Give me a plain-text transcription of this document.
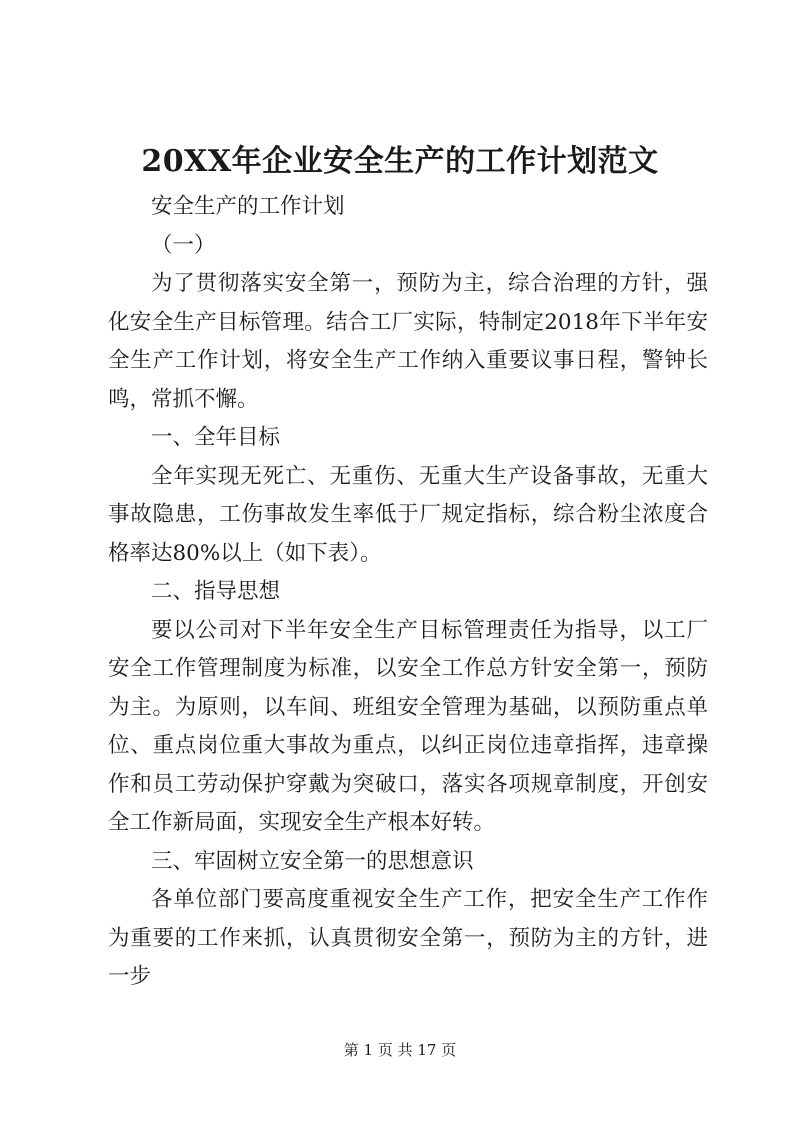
20XX年企业安全生产的工作计划范文

安全生产的工作计划

（一）

为了贯彻落实安全第一，预防为主，综合治理的方针，强化安全生产目标管理。结合工厂实际，特制定2018年下半年安全生产工作计划，将安全生产工作纳入重要议事日程，警钟长鸣，常抓不懈。

一、全年目标

全年实现无死亡、无重伤、无重大生产设备事故，无重大事故隐患，工伤事故发生率低于厂规定指标，综合粉尘浓度合格率达80%以上（如下表）。

二、指导思想

要以公司对下半年安全生产目标管理责任为指导，以工厂安全工作管理制度为标准，以安全工作总方针安全第一，预防为主。为原则，以车间、班组安全管理为基础，以预防重点单位、重点岗位重大事故为重点，以纠正岗位违章指挥，违章操作和员工劳动保护穿戴为突破口，落实各项规章制度，开创安全工作新局面，实现安全生产根本好转。

三、牢固树立安全第一的思想意识

各单位部门要高度重视安全生产工作，把安全生产工作作为重要的工作来抓，认真贯彻安全第一，预防为主的方针，进一步

第 1 页 共 17 页
